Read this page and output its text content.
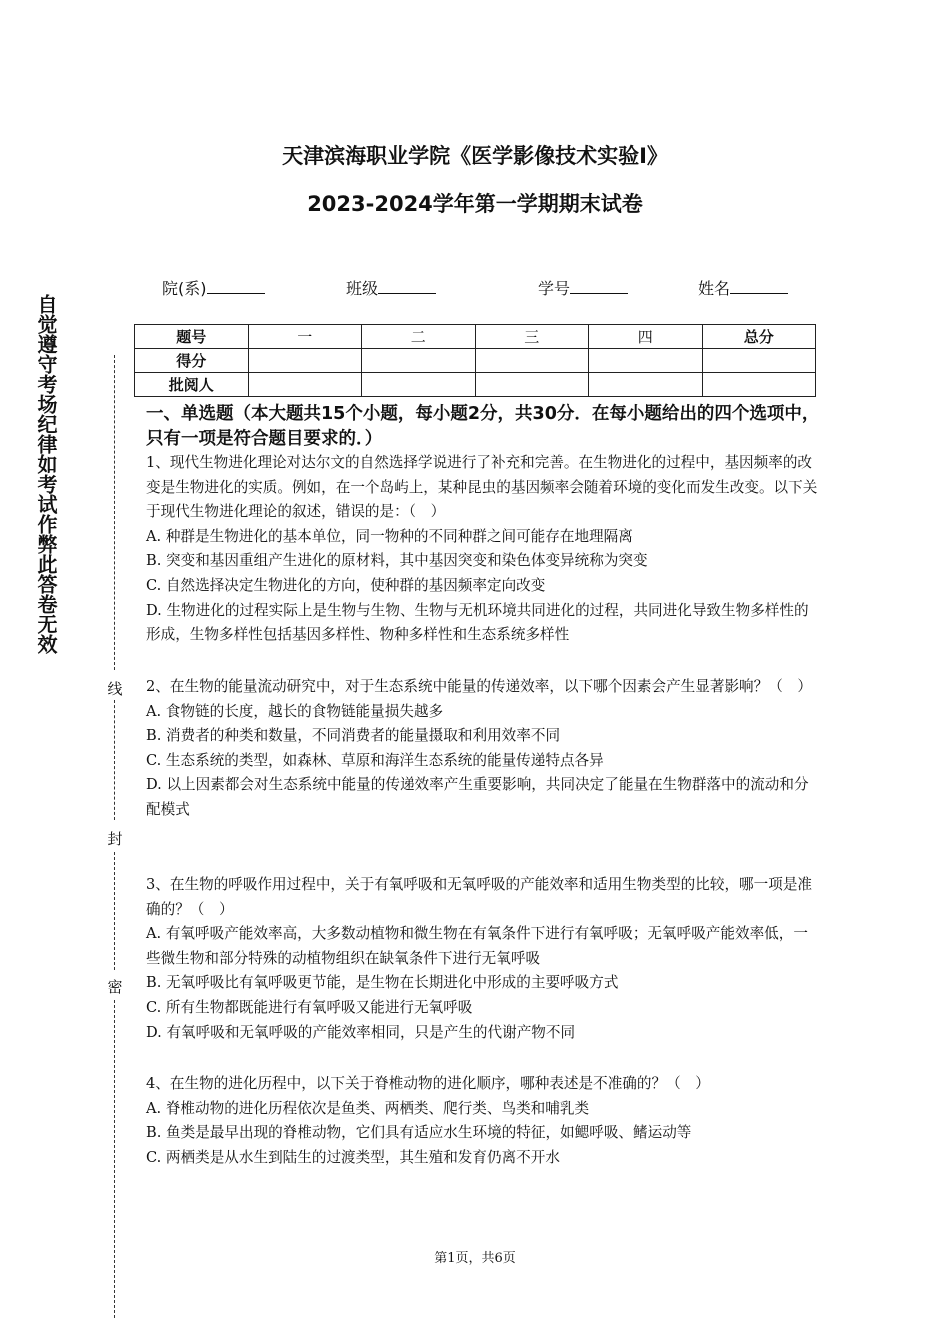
天津滨海职业学院《医学影像技术实验Ⅰ》
2023-2024学年第一学期期末试卷
自觉遵守考场纪律如考试作弊此答卷无效
线
封
密
院(系)	班级	学号	姓名
题号	一	二	三	四	总分
得分					
批阅人					
一、单选题（本大题共15个小题，每小题2分，共30分．在每小题给出的四个选项中，只有一项是符合题目要求的．）

1、现代生物进化理论对达尔文的自然选择学说进行了补充和完善。在生物进化的过程中，基因频率的改变是生物进化的实质。例如，在一个岛屿上，某种昆虫的基因频率会随着环境的变化而发生改变。以下关于现代生物进化理论的叙述，错误的是：（　）

A. 种群是生物进化的基本单位，同一物种的不同种群之间可能存在地理隔离

B. 突变和基因重组产生进化的原材料，其中基因突变和染色体变异统称为突变

C. 自然选择决定生物进化的方向，使种群的基因频率定向改变

D. 生物进化的过程实际上是生物与生物、生物与无机环境共同进化的过程，共同进化导致生物多样性的形成，生物多样性包括基因多样性、物种多样性和生态系统多样性

2、在生物的能量流动研究中，对于生态系统中能量的传递效率，以下哪个因素会产生显著影响？（　）

A. 食物链的长度，越长的食物链能量损失越多

B. 消费者的种类和数量，不同消费者的能量摄取和利用效率不同

C. 生态系统的类型，如森林、草原和海洋生态系统的能量传递特点各异

D. 以上因素都会对生态系统中能量的传递效率产生重要影响，共同决定了能量在生物群落中的流动和分配模式

3、在生物的呼吸作用过程中，关于有氧呼吸和无氧呼吸的产能效率和适用生物类型的比较，哪一项是准确的？（　）

A. 有氧呼吸产能效率高，大多数动植物和微生物在有氧条件下进行有氧呼吸；无氧呼吸产能效率低，一些微生物和部分特殊的动植物组织在缺氧条件下进行无氧呼吸

B. 无氧呼吸比有氧呼吸更节能，是生物在长期进化中形成的主要呼吸方式

C. 所有生物都既能进行有氧呼吸又能进行无氧呼吸

D. 有氧呼吸和无氧呼吸的产能效率相同，只是产生的代谢产物不同

4、在生物的进化历程中，以下关于脊椎动物的进化顺序，哪种表述是不准确的？（　）

A. 脊椎动物的进化历程依次是鱼类、两栖类、爬行类、鸟类和哺乳类

B. 鱼类是最早出现的脊椎动物，它们具有适应水生环境的特征，如鳃呼吸、鳍运动等

C. 两栖类是从水生到陆生的过渡类型，其生殖和发育仍离不开水

第1页，共6页
